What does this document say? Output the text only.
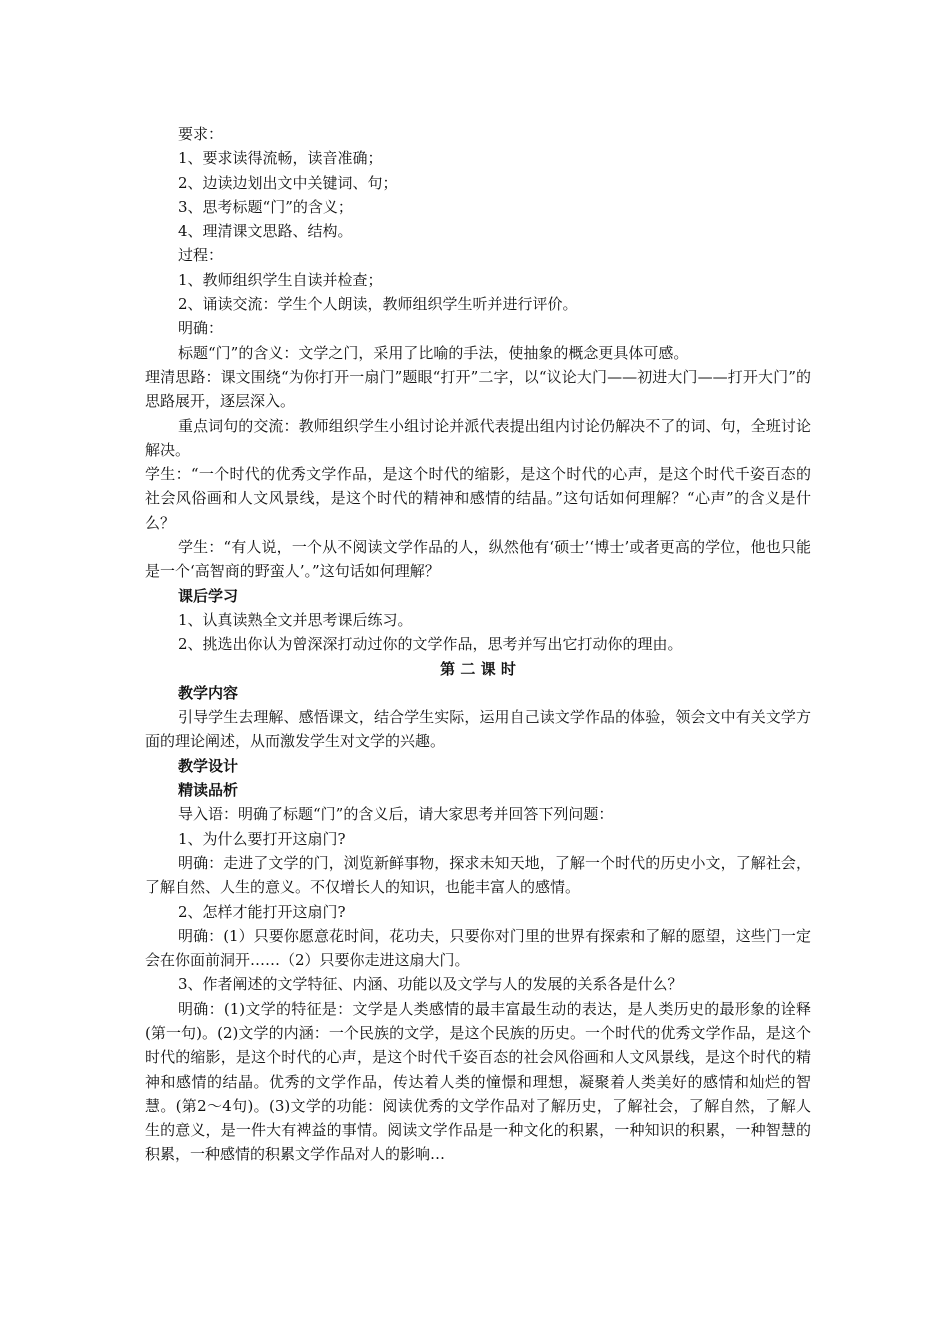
要求：

1、要求读得流畅，读音准确；

2、边读边划出文中关键词、句；

3、思考标题“门”的含义；

4、理清课文思路、结构。

过程：

1、教师组织学生自读并检查；

2、诵读交流：学生个人朗读，教师组织学生听并进行评价。

明确：

标题“门”的含义：文学之门，采用了比喻的手法，使抽象的概念更具体可感。

理清思路：课文围绕“为你打开一扇门”题眼“打开”二字，以“议论大门——初进大门——打开大门”的思路展开，逐层深入。

重点词句的交流：教师组织学生小组讨论并派代表提出组内讨论仍解决不了的词、句，全班讨论解决。

学生：“一个时代的优秀文学作品，是这个时代的缩影，是这个时代的心声，是这个时代千姿百态的社会风俗画和人文风景线，是这个时代的精神和感情的结晶。”这句话如何理解？“心声”的含义是什么？

学生：“有人说，一个从不阅读文学作品的人，纵然他有‘硕士’‘博士’或者更高的学位，他也只能是一个‘高智商的野蛮人’。”这句话如何理解？

课后学习

1、认真读熟全文并思考课后练习。

2、挑选出你认为曾深深打动过你的文学作品，思考并写出它打动你的理由。

第 二 课 时

教学内容

引导学生去理解、感悟课文，结合学生实际，运用自己读文学作品的体验，领会文中有关文学方面的理论阐述，从而激发学生对文学的兴趣。

教学设计

精读品析

导入语：明确了标题“门”的含义后，请大家思考并回答下列问题：

1、为什么要打开这扇门?

明确：走进了文学的门，浏览新鲜事物，探求未知天地，了解一个时代的历史小文，了解社会，了解自然、人生的意义。不仅增长人的知识，也能丰富人的感情。

2、怎样才能打开这扇门?

明确：(1）只要你愿意花时间，花功夫，只要你对门里的世界有探索和了解的愿望，这些门一定会在你面前洞开……（2）只要你走进这扇大门。

3、作者阐述的文学特征、内涵、功能以及文学与人的发展的关系各是什么？

明确：(1)文学的特征是：文学是人类感情的最丰富最生动的表达，是人类历史的最形象的诠释(第一句)。(2)文学的内涵：一个民族的文学，是这个民族的历史。一个时代的优秀文学作品，是这个时代的缩影，是这个时代的心声，是这个时代千姿百态的社会风俗画和人文风景线，是这个时代的精神和感情的结晶。优秀的文学作品，传达着人类的憧憬和理想，凝聚着人类美好的感情和灿烂的智慧。(第2～4句)。(3)文学的功能：阅读优秀的文学作品对了解历史，了解社会，了解自然，了解人生的意义，是一件大有裨益的事情。阅读文学作品是一种文化的积累，一种知识的积累，一种智慧的积累，一种感情的积累文学作品对人的影响…
